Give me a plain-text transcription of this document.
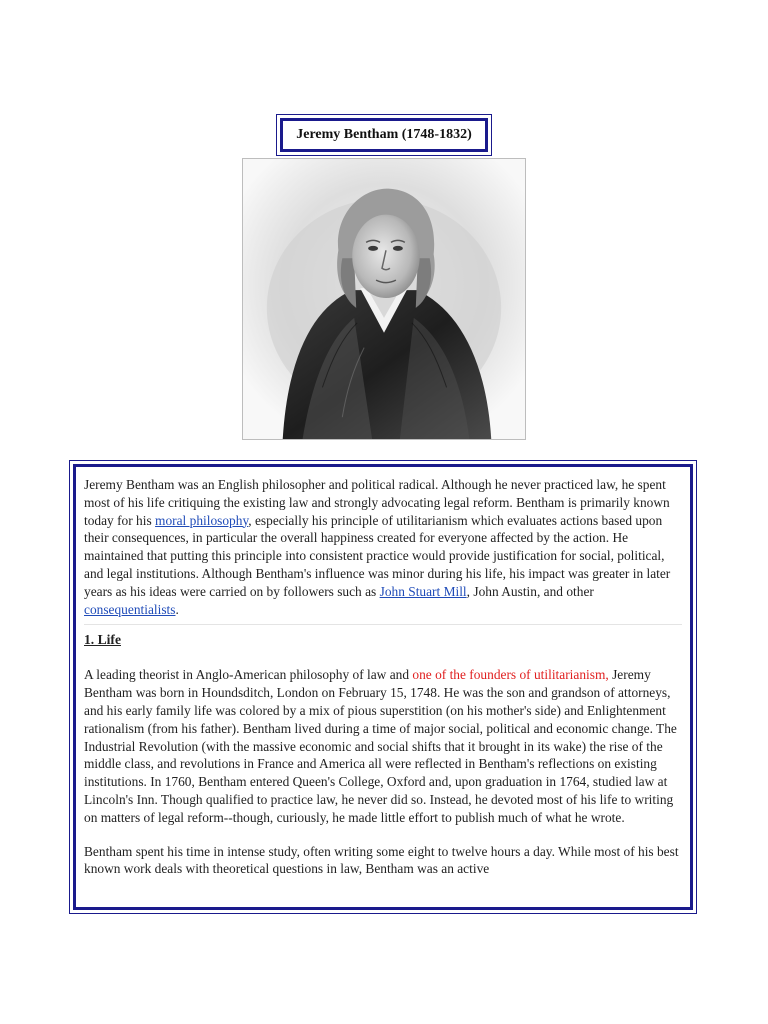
Jeremy Bentham (1748-1832)

Jeremy Bentham was an English philosopher and political radical. Although he never practiced law, he spent most of his life critiquing the existing law and strongly advocating legal reform. Bentham is primarily known today for his moral philosophy, especially his principle of utilitarianism which evaluates actions based upon their consequences, in particular the overall happiness created for everyone affected by the action. He maintained that putting this principle into consistent practice would provide justification for social, political, and legal institutions. Although Bentham's influence was minor during his life, his impact was greater in later years as his ideas were carried on by followers such as John Stuart Mill, John Austin, and other consequentialists.

1. Life

A leading theorist in Anglo-American philosophy of law and one of the founders of utilitarianism, Jeremy Bentham was born in Houndsditch, London on February 15, 1748. He was the son and grandson of attorneys, and his early family life was colored by a mix of pious superstition (on his mother's side) and Enlightenment rationalism (from his father). Bentham lived during a time of major social, political and economic change. The Industrial Revolution (with the massive economic and social shifts that it brought in its wake) the rise of the middle class, and revolutions in France and America all were reflected in Bentham's reflections on existing institutions. In 1760, Bentham entered Queen's College, Oxford and, upon graduation in 1764, studied law at Lincoln's Inn. Though qualified to practice law, he never did so. Instead, he devoted most of his life to writing on matters of legal reform--though, curiously, he made little effort to publish much of what he wrote.

Bentham spent his time in intense study, often writing some eight to twelve hours a day. While most of his best known work deals with theoretical questions in law, Bentham was an active
